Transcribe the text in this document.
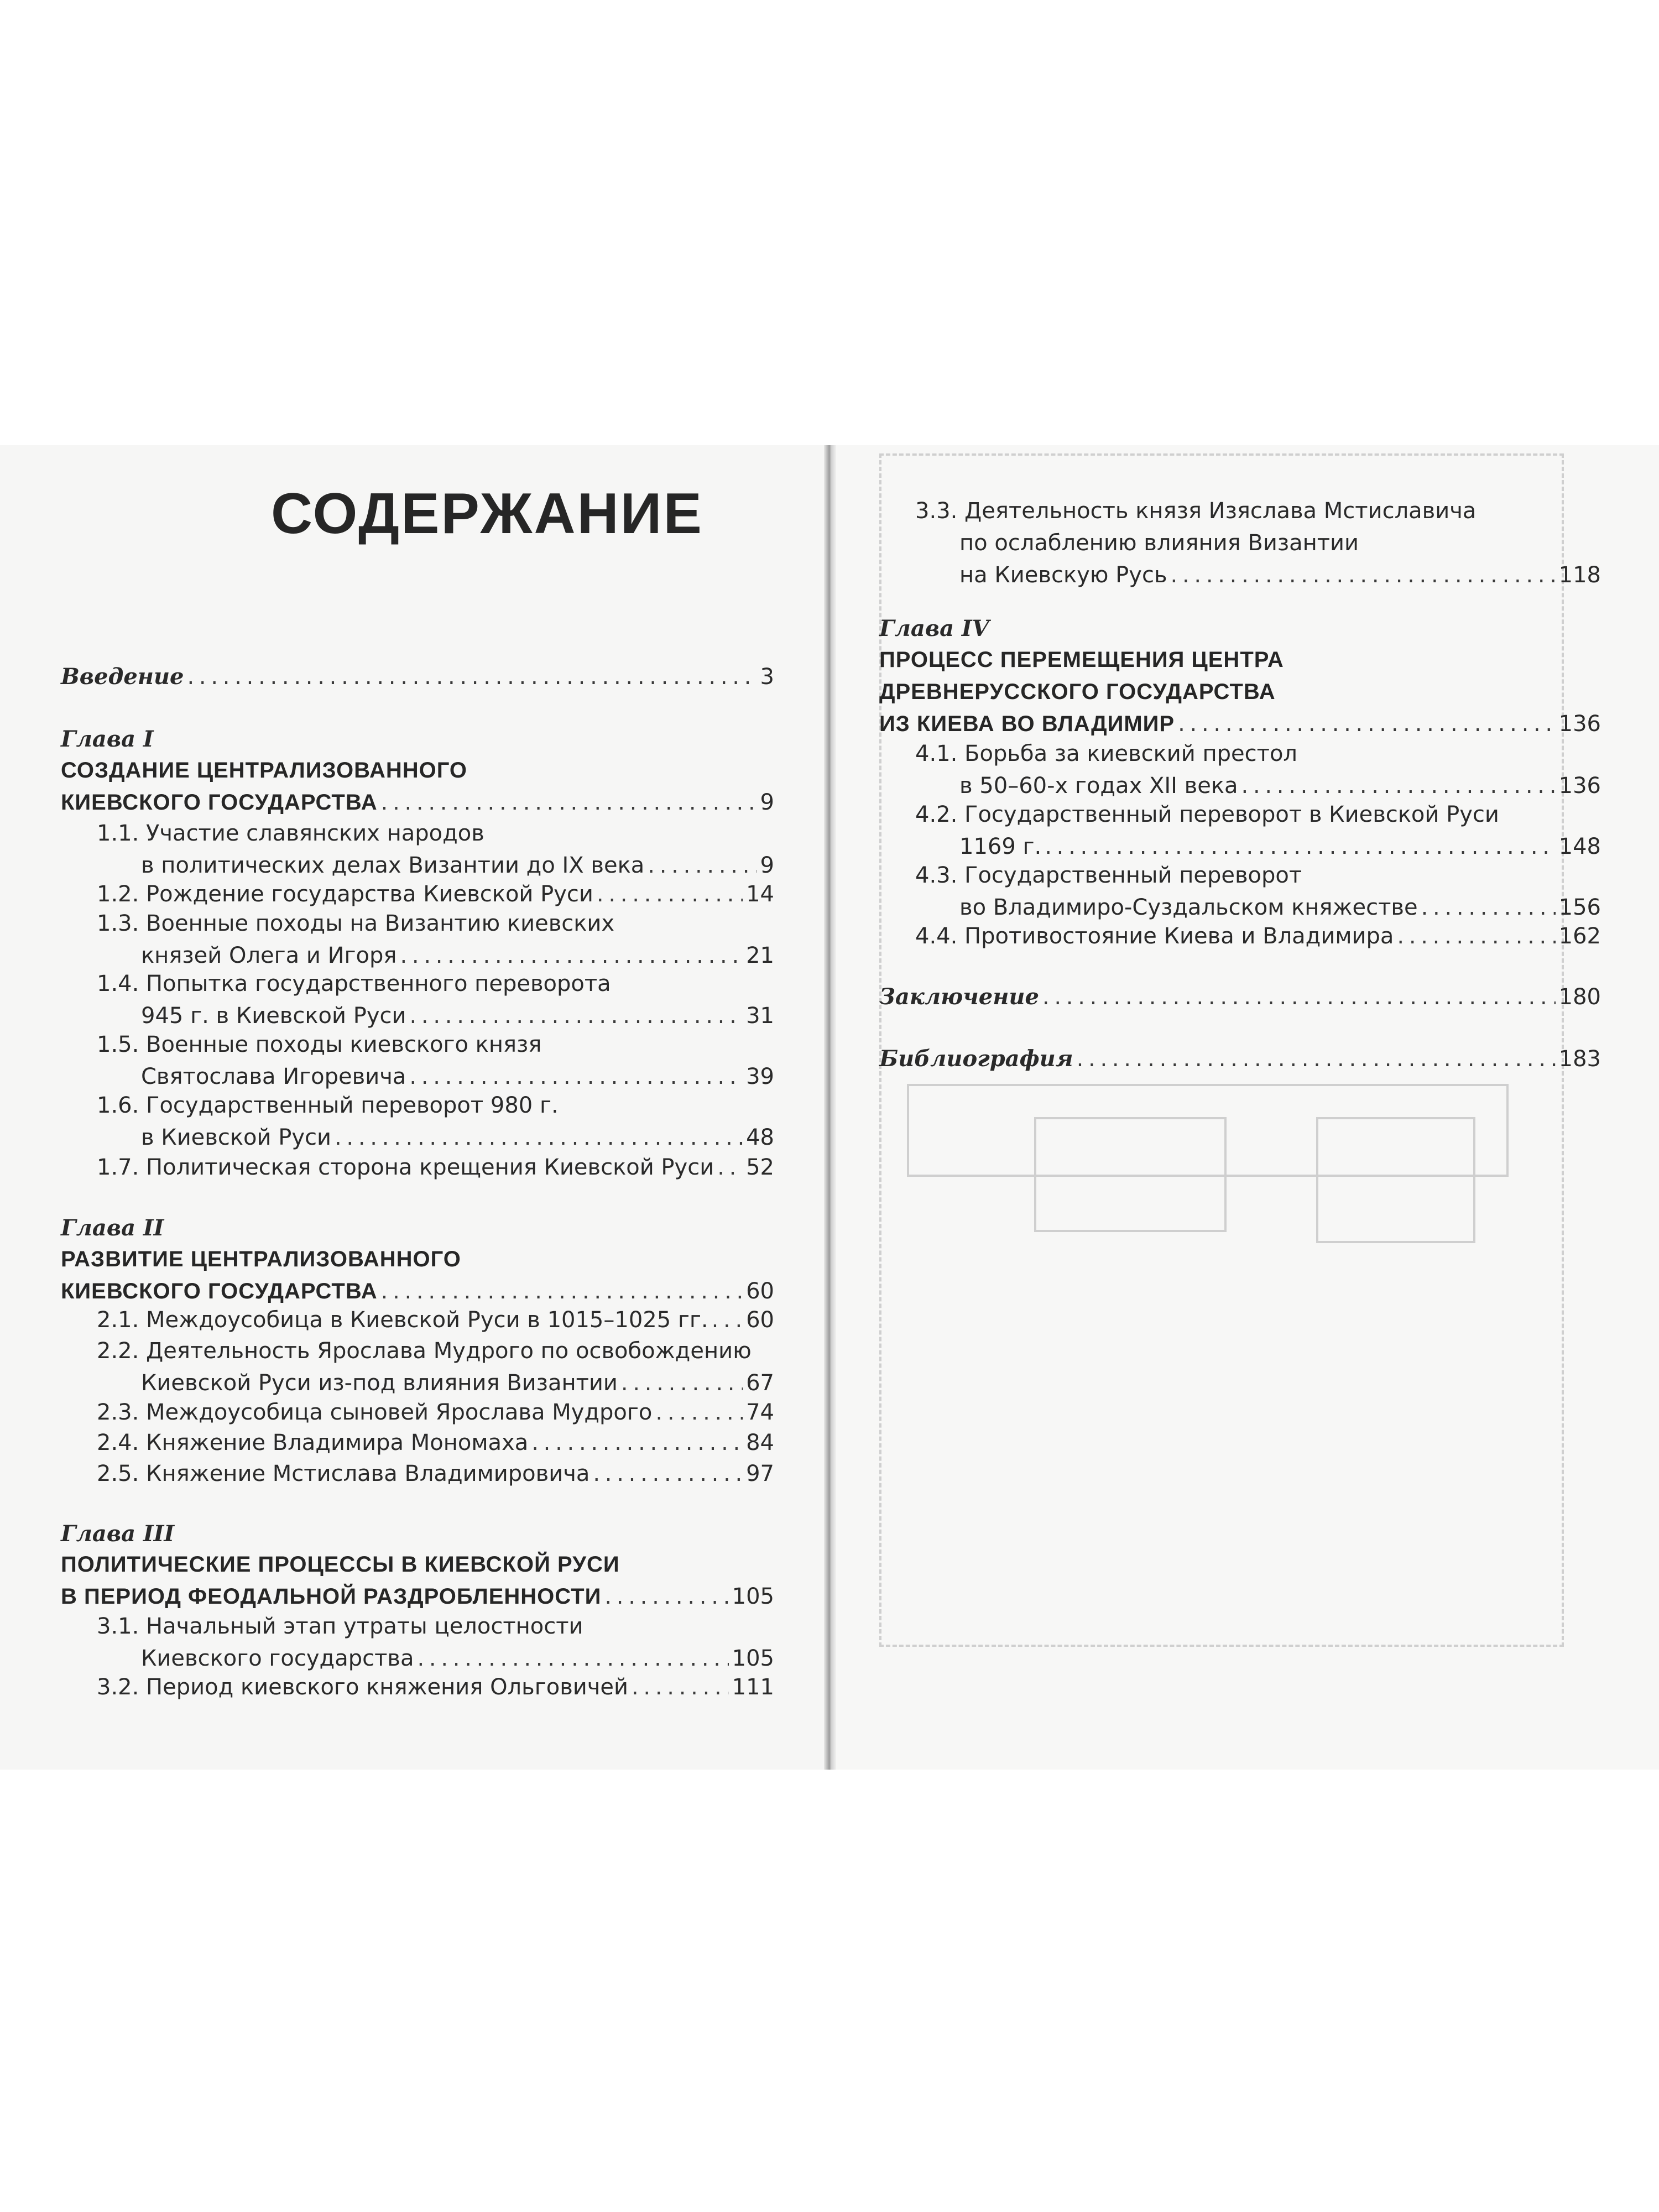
СОДЕРЖАНИЕ
Введение . . .	3
Глава I
СОЗДАНИЕ ЦЕНТРАЛИЗОВАННОГО
КИЕВСКОГО ГОСУДАРСТВА . . .	9
1.1. Участие славянских народов
в политических делах Византии до IX века . . .	9
1.2. Рождение государства Киевской Руси . . .	14
1.3. Военные походы на Византию киевских
князей Олега и Игоря . . .	21
1.4. Попытка государственного переворота
945 г. в Киевской Руси . . .	31
1.5. Военные походы киевского князя
Святослава Игоревича . . .	39
1.6. Государственный переворот 980 г.
в Киевской Руси . . .	48
1.7. Политическая сторона крещения Киевской Руси . . . 52
Глава II
РАЗВИТИЕ ЦЕНТРАЛИЗОВАННОГО
КИЕВСКОГО ГОСУДАРСТВА . . .	60
2.1. Междоусобица в Киевской Руси в 1015–1025 гг. . . . 60
2.2. Деятельность Ярослава Мудрого по освобождению
Киевской Руси из-под влияния Византии . . .	67
2.3. Междоусобица сыновей Ярослава Мудрого . . .	74
2.4. Княжение Владимира Мономаха . . .	84
2.5. Княжение Мстислава Владимировича . . .	97
Глава III
ПОЛИТИЧЕСКИЕ ПРОЦЕССЫ В КИЕВСКОЙ РУСИ
В ПЕРИОД ФЕОДАЛЬНОЙ РАЗДРОБЛЕННОСТИ . . .	105
3.1. Начальный этап утраты целостности
Киевского государства . . .	105
3.2. Период киевского княжения Ольговичей . . .	111
3.3. Деятельность князя Изяслава Мстиславича
по ослаблению влияния Византии
на Киевскую Русь . . .	118
Глава IV
ПРОЦЕСС ПЕРЕМЕЩЕНИЯ ЦЕНТРА
ДРЕВНЕРУССКОГО ГОСУДАРСТВА
ИЗ КИЕВА ВО ВЛАДИМИР . . .	136
4.1. Борьба за киевский престол
в 50–60-х годах XII века . . .	136
4.2. Государственный переворот в Киевской Руси
1169 г. . . .	148
4.3. Государственный переворот
во Владимиро-Суздальском княжестве . . .	156
4.4. Противостояние Киева и Владимира . . .	162
Заключение . . .	180
Библиография . . .	183
